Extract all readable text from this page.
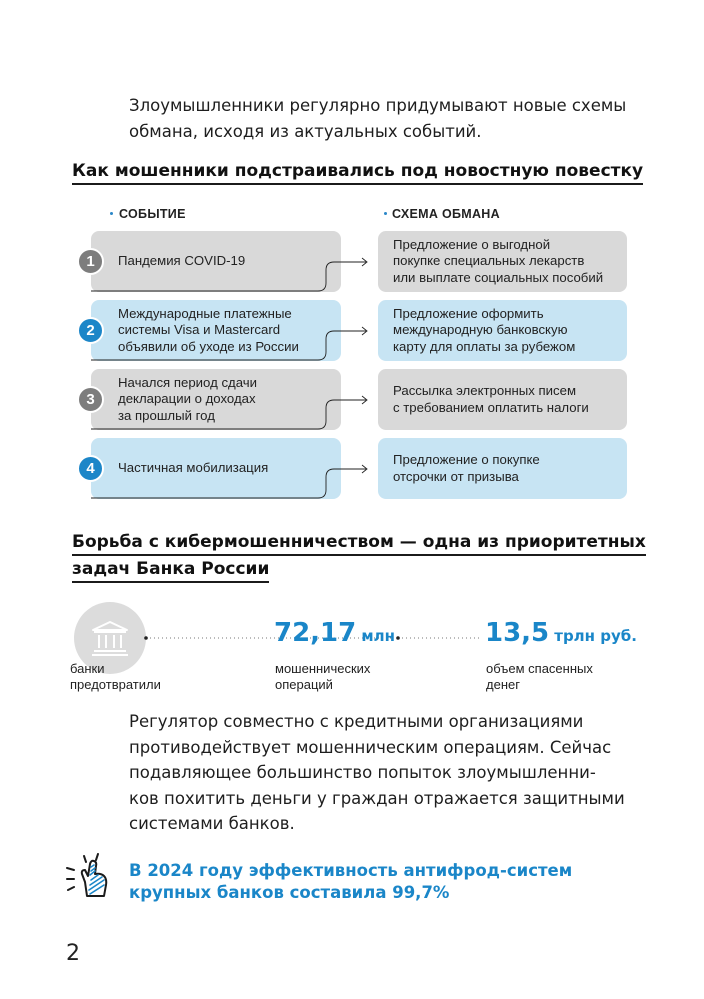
Злоумышленники регулярно придумывают новые схемы
обмана, исходя из актуальных событий.
Как мошенники подстраивались под новостную повестку
СОБЫТИЕ	СХЕМА ОБМАНА
Пандемия COVID-19
1
Предложение о выгодной
покупке специальных лекарств
или выплате социальных пособий
Международные платежные
системы Visa и Mastercard
объявили об уходе из России
2
Предложение оформить
международную банковскую
карту для оплаты за рубежом
Начался период сдачи
декларации о доходах
за прошлый год
3
Рассылка электронных писем
с требованием оплатить налоги
Частичная мобилизация
4
Предложение о покупке
отсрочки от призыва
Борьба с кибермошенничеством — одна из приоритетных
задач Банка России
банки
предотвратили
72,17 млн
мошеннических
операций
13,5 трлн руб.
объем спасенных
денег
Регулятор совместно с кредитными организациями
противодействует мошенническим операциям. Сейчас
подавляющее большинство попыток злоумышленни-
ков похитить деньги у граждан отражается защитными
системами банков.
В 2024 году эффективность антифрод-систем
крупных банков составила 99,7%
2
